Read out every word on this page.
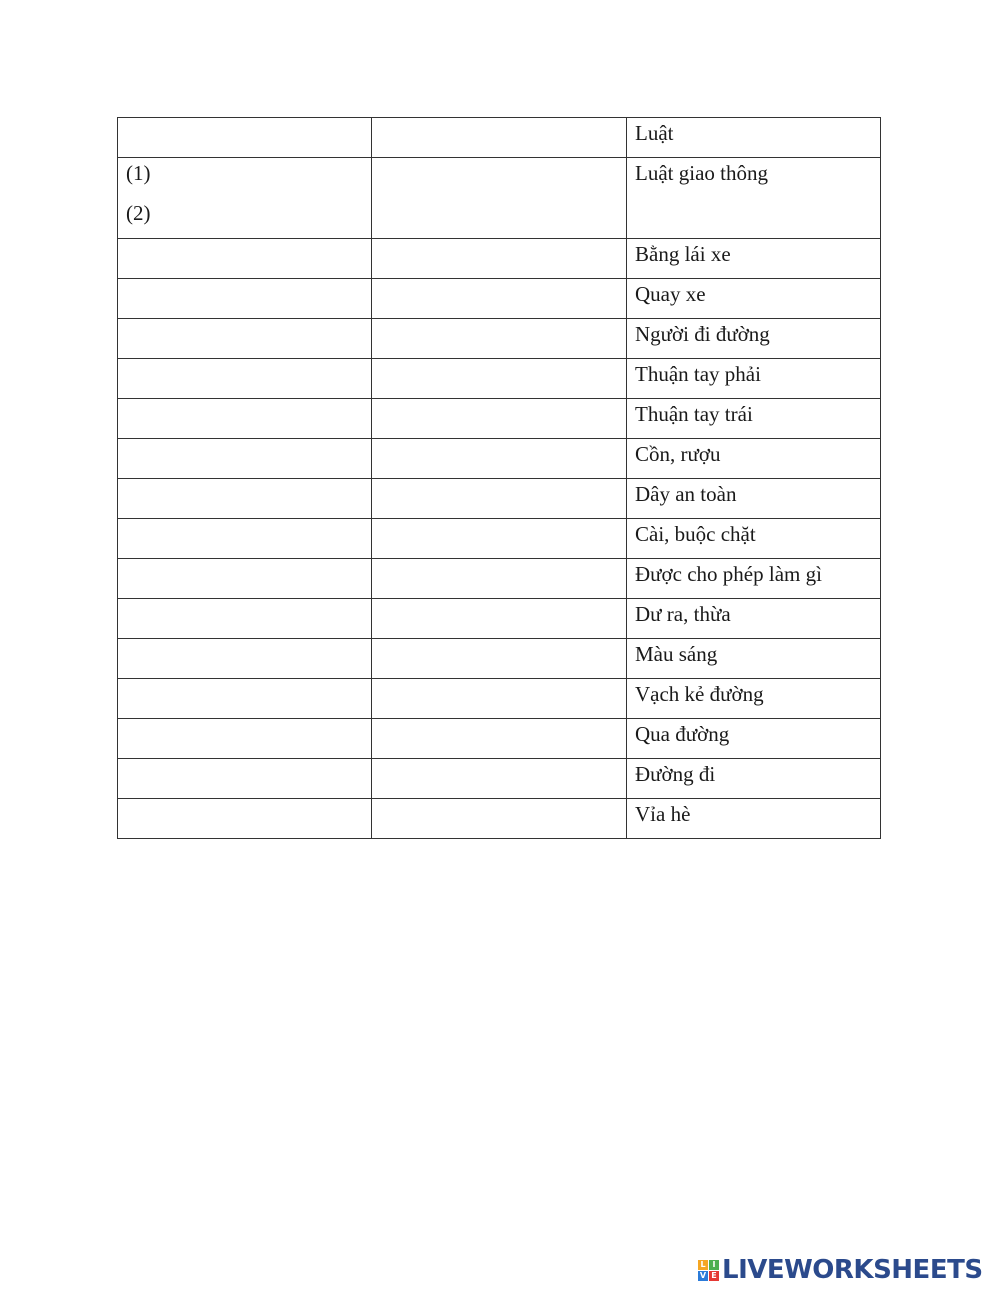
		Luật

(1)
(2)		Luật giao thông

		Bằng lái xe

		Quay xe

		Người đi đường

		Thuận tay phải

		Thuận tay trái

		Cồn, rượu

		Dây an toàn

		Cài, buộc chặt

		Được cho phép làm gì

		Dư ra, thừa

		Màu sáng

		Vạch kẻ đường

		Qua đường

		Đường đi

		Vỉa hè
L I
V E LIVEWORKSHEETS
